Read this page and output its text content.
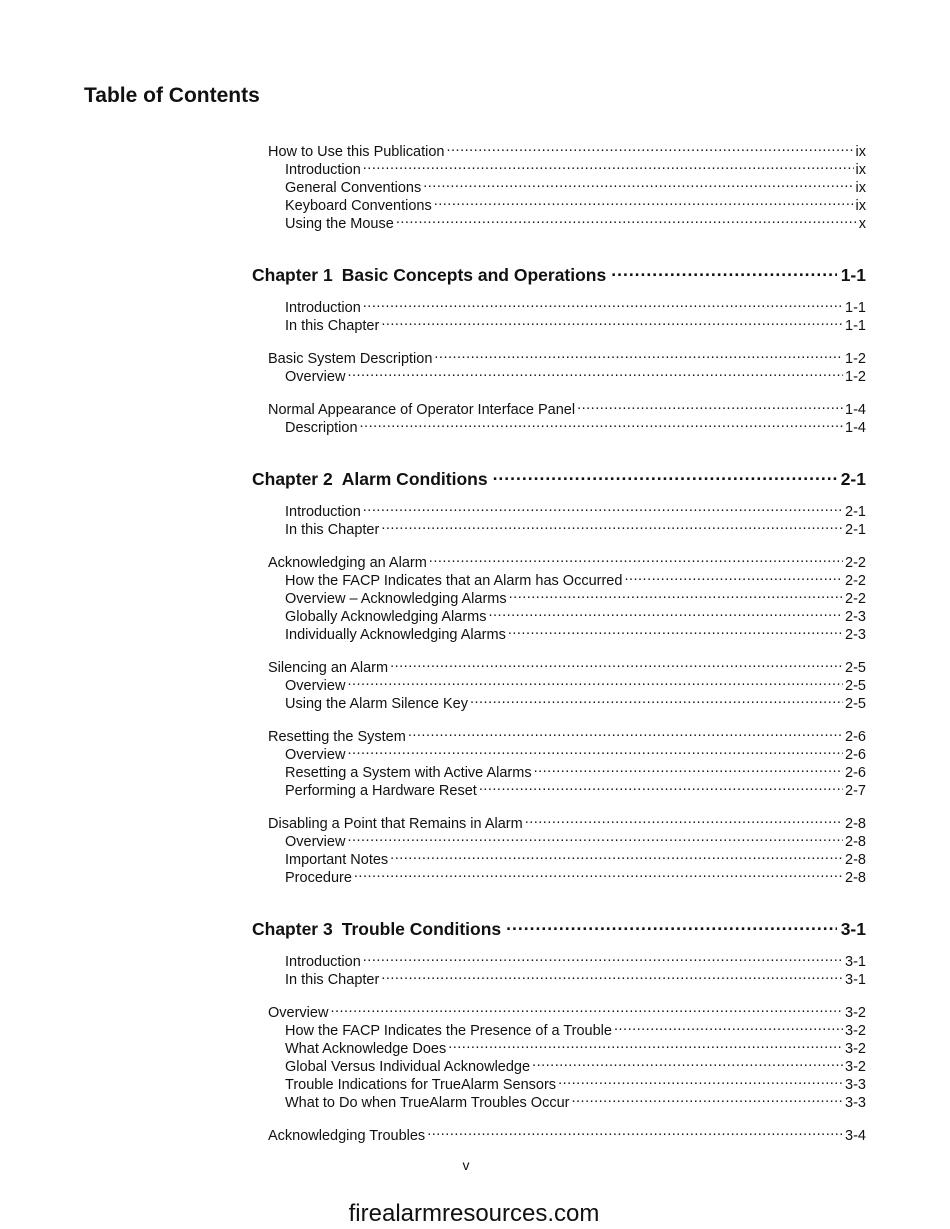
Table of Contents
How to Use this Publication .....	ix
Introduction .....	ix
General Conventions .....	ix
Keyboard Conventions .....	ix
Using the Mouse .....	x
Chapter 1 Basic Concepts and Operations .....	1-1
Introduction .....	1-1
In this Chapter .....	1-1
Basic System Description .....	1-2
Overview .....	1-2
Normal Appearance of Operator Interface Panel .....	1-4
Description .....	1-4
Chapter 2 Alarm Conditions .....	2-1
Introduction .....	2-1
In this Chapter .....	2-1
Acknowledging an Alarm .....	2-2
How the FACP Indicates that an Alarm has Occurred .....	2-2
Overview – Acknowledging Alarms .....	2-2
Globally Acknowledging Alarms .....	2-3
Individually Acknowledging Alarms .....	2-3
Silencing an Alarm .....	2-5
Overview .....	2-5
Using the Alarm Silence Key .....	2-5
Resetting the System .....	2-6
Overview .....	2-6
Resetting a System with Active Alarms .....	2-6
Performing a Hardware Reset .....	2-7
Disabling a Point that Remains in Alarm .....	2-8
Overview .....	2-8
Important Notes .....	2-8
Procedure .....	2-8
Chapter 3 Trouble Conditions .....	3-1
Introduction .....	3-1
In this Chapter .....	3-1
Overview .....	3-2
How the FACP Indicates the Presence of a Trouble .....	3-2
What Acknowledge Does .....	3-2
Global Versus Individual Acknowledge .....	3-2
Trouble Indications for TrueAlarm Sensors .....	3-3
What to Do when TrueAlarm Troubles Occur .....	3-3
Acknowledging Troubles .....	3-4
v
firealarmresources.com
